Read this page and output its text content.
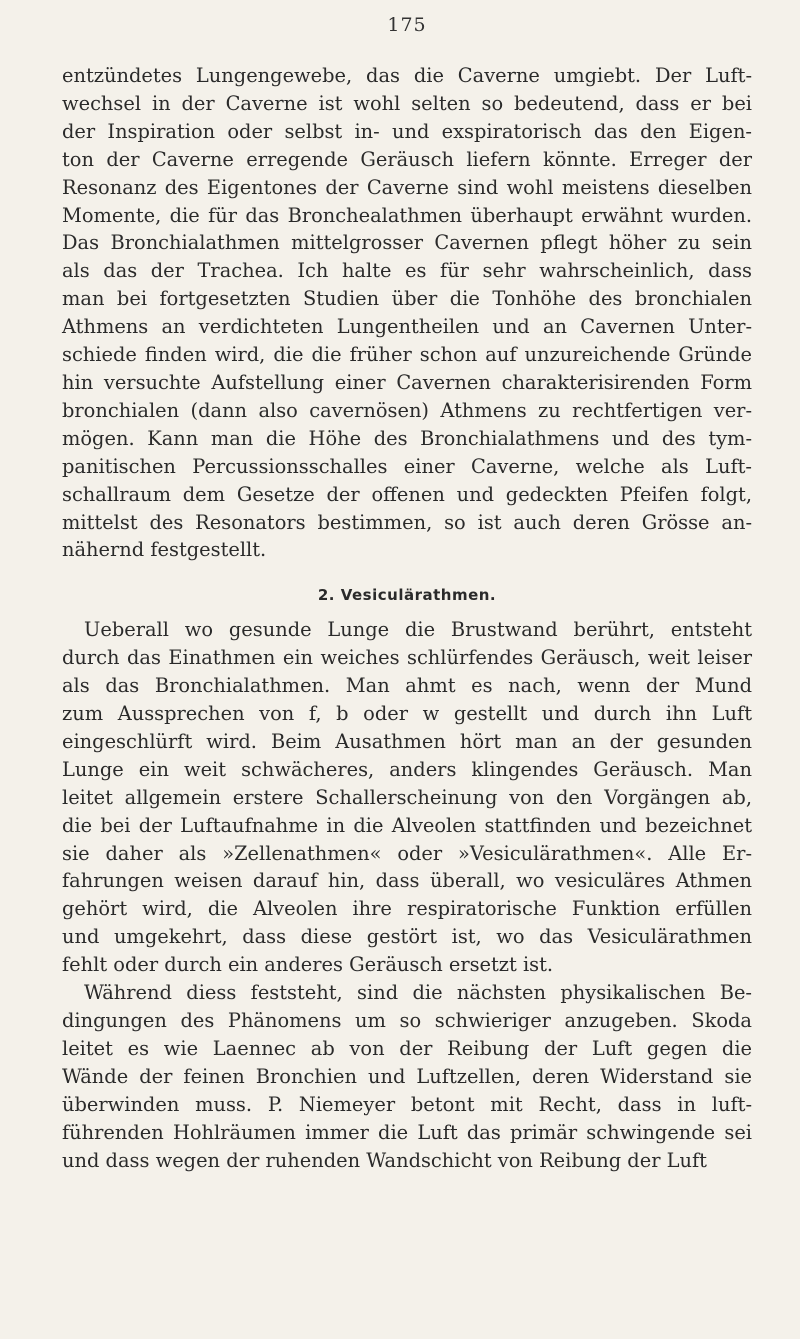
175

entzündetes Lungengewebe, das die Caverne umgiebt. Der Luft-
wechsel in der Caverne ist wohl selten so bedeutend, dass er bei
der Inspiration oder selbst in- und exspiratorisch das den Eigen-
ton der Caverne erregende Geräusch liefern könnte. Erreger der
Resonanz des Eigentones der Caverne sind wohl meistens dieselben
Momente, die für das Bronchealathmen überhaupt erwähnt wurden.
Das Bronchialathmen mittelgrosser Cavernen pflegt höher zu sein
als das der Trachea. Ich halte es für sehr wahrscheinlich, dass
man bei fortgesetzten Studien über die Tonhöhe des bronchialen
Athmens an verdichteten Lungentheilen und an Cavernen Unter-
schiede finden wird, die die früher schon auf unzureichende Gründe
hin versuchte Aufstellung einer Cavernen charakterisirenden Form
bronchialen (dann also cavernösen) Athmens zu rechtfertigen ver-
mögen. Kann man die Höhe des Bronchialathmens und des tym-
panitischen Percussionsschalles einer Caverne, welche als Luft-
schallraum dem Gesetze der offenen und gedeckten Pfeifen folgt,
mittelst des Resonators bestimmen, so ist auch deren Grösse an-
nähernd festgestellt.

2. Vesiculärathmen.

Ueberall wo gesunde Lunge die Brustwand berührt, entsteht
durch das Einathmen ein weiches schlürfendes Geräusch, weit leiser
als das Bronchialathmen. Man ahmt es nach, wenn der Mund
zum Aussprechen von f, b oder w gestellt und durch ihn Luft
eingeschlürft wird. Beim Ausathmen hört man an der gesunden
Lunge ein weit schwächeres, anders klingendes Geräusch. Man
leitet allgemein erstere Schallerscheinung von den Vorgängen ab,
die bei der Luftaufnahme in die Alveolen stattfinden und bezeichnet
sie daher als »Zellenathmen« oder »Vesiculärathmen«. Alle Er-
fahrungen weisen darauf hin, dass überall, wo vesiculäres Athmen
gehört wird, die Alveolen ihre respiratorische Funktion erfüllen
und umgekehrt, dass diese gestört ist, wo das Vesiculärathmen
fehlt oder durch ein anderes Geräusch ersetzt ist.

Während diess feststeht, sind die nächsten physikalischen Be-
dingungen des Phänomens um so schwieriger anzugeben. Skoda
leitet es wie Laennec ab von der Reibung der Luft gegen die
Wände der feinen Bronchien und Luftzellen, deren Widerstand sie
überwinden muss. P. Niemeyer betont mit Recht, dass in luft-
führenden Hohlräumen immer die Luft das primär schwingende sei
und dass wegen der ruhenden Wandschicht von Reibung der Luft
